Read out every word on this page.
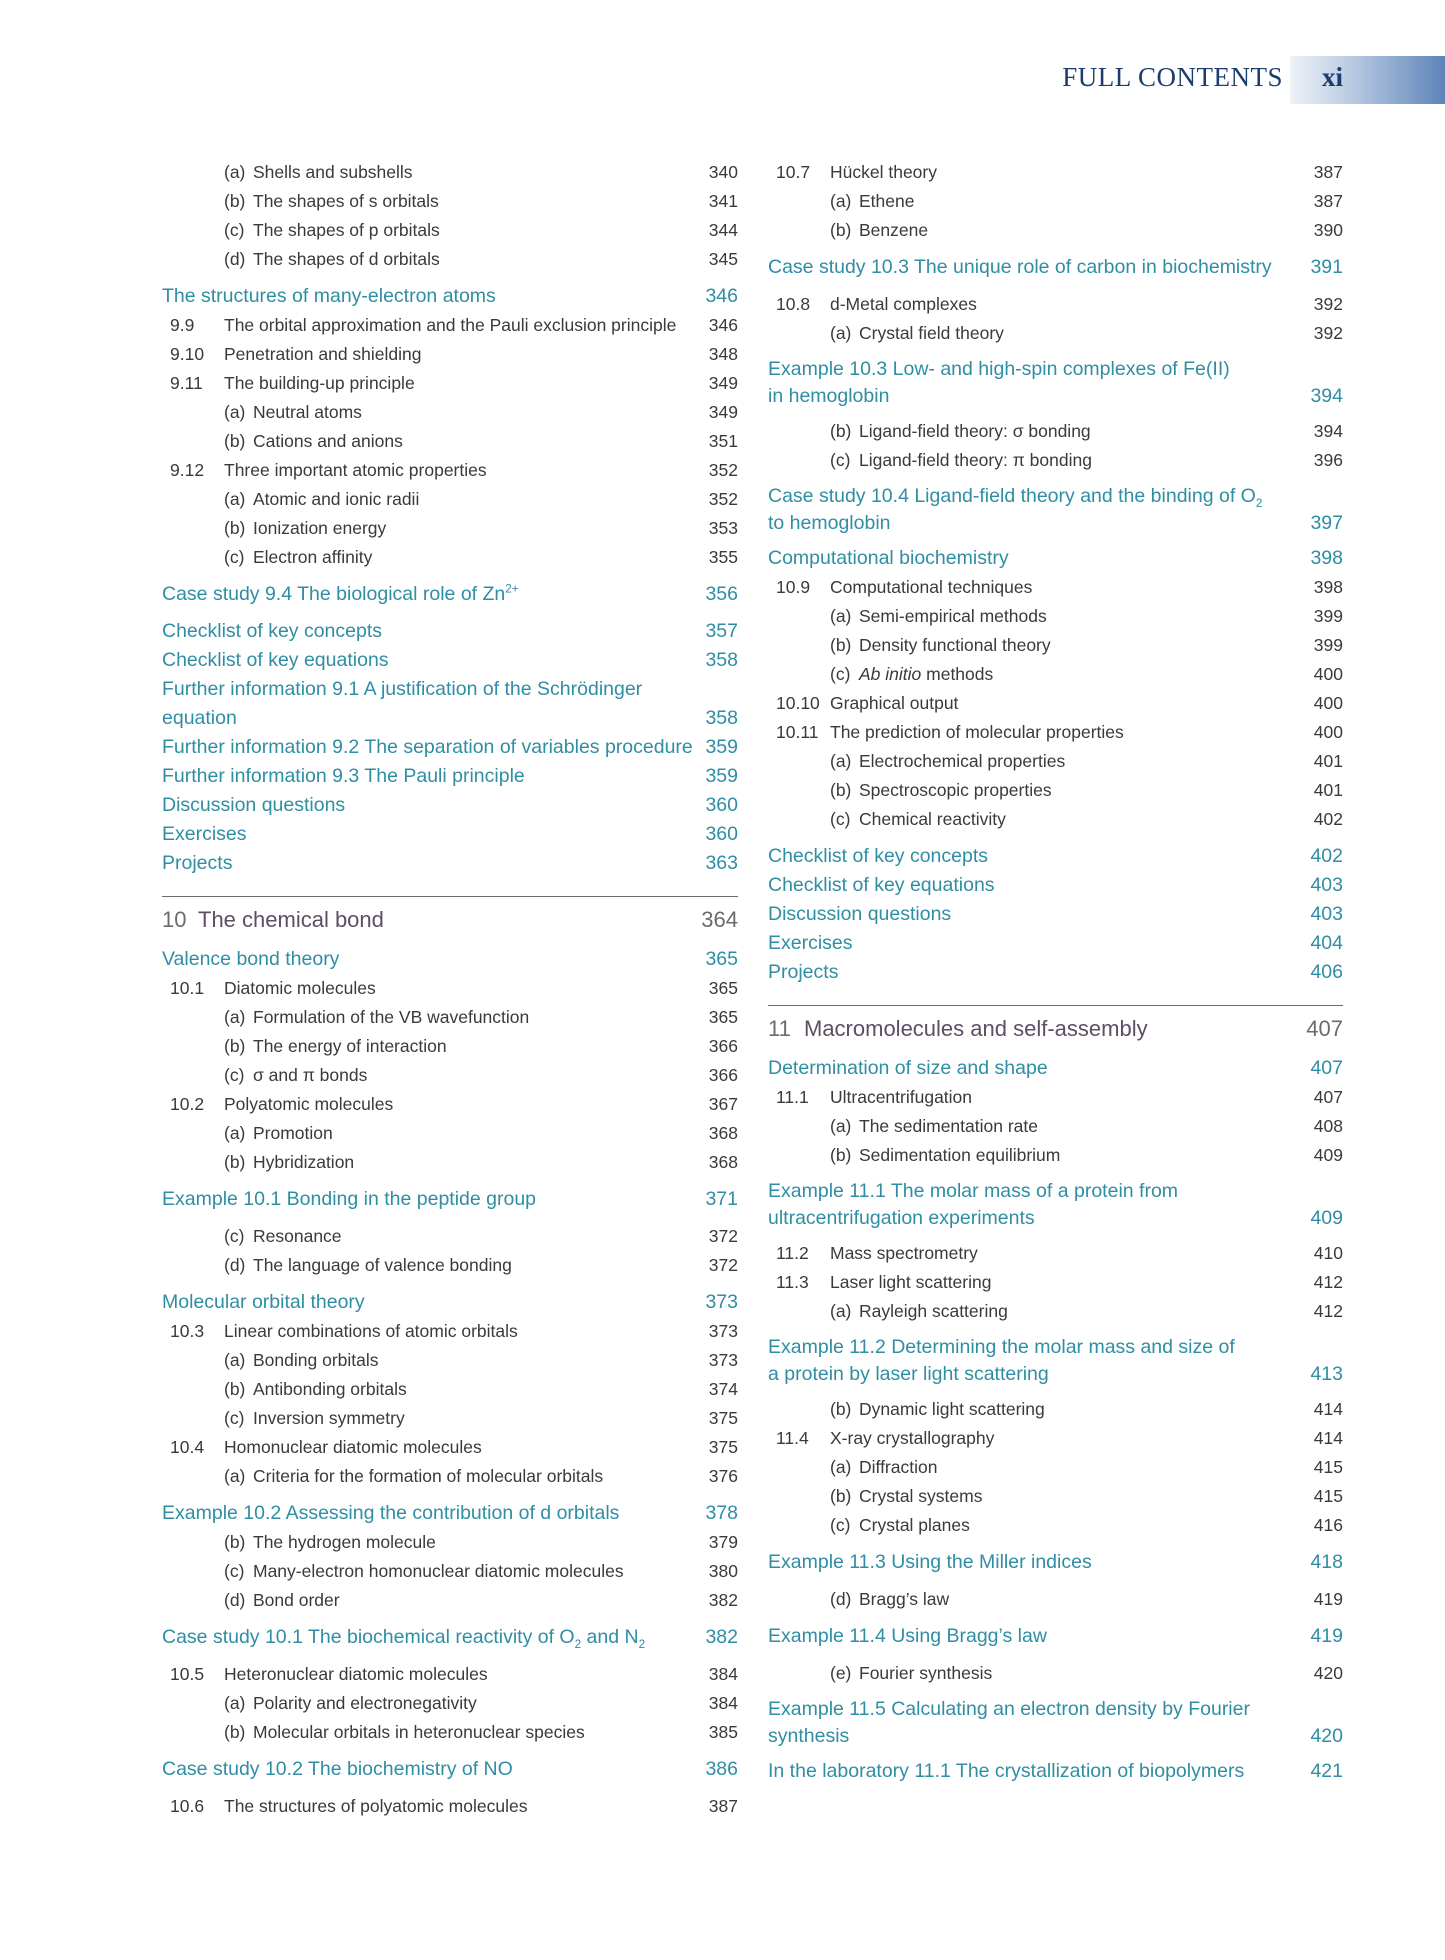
FULL CONTENTS xi
(a) Shells and subshells	340
(b) The shapes of s orbitals	341
(c) The shapes of p orbitals	344
(d) The shapes of d orbitals	345
The structures of many-electron atoms	346
9.9 The orbital approximation and the Pauli exclusion principle 346
9.10 Penetration and shielding	348
9.11 The building-up principle	349
(a) Neutral atoms	349
(b) Cations and anions	351
9.12 Three important atomic properties	352
(a) Atomic and ionic radii	352
(b) Ionization energy	353
(c) Electron affinity	355
Case study 9.4 The biological role of $Zn^{2+}$	356
Checklist of key concepts	357
Checklist of key equations	358
Further information 9.1 A justification of the Schrödinger
equation	358
Further information 9.2 The separation of variables procedure 359
Further information 9.3 The Pauli principle	359
Discussion questions	360
Exercises	360
Projects	363
10 The chemical bond	364
Valence bond theory	365
10.1 Diatomic molecules	365
(a) Formulation of the VB wavefunction	365
(b) The energy of interaction	366
(c) σ and π bonds	366
10.2 Polyatomic molecules	367
(a) Promotion	368
(b) Hybridization	368
Example 10.1 Bonding in the peptide group	371
(c) Resonance	372
(d) The language of valence bonding	372
Molecular orbital theory	373
10.3 Linear combinations of atomic orbitals	373
(a) Bonding orbitals	373
(b) Antibonding orbitals	374
(c) Inversion symmetry	375
10.4 Homonuclear diatomic molecules	375
(a) Criteria for the formation of molecular orbitals	376
Example 10.2 Assessing the contribution of d orbitals	378
(b) The hydrogen molecule	379
(c) Many-electron homonuclear diatomic molecules	380
(d) Bond order	382
Case study 10.1 The biochemical reactivity of $O_2$ and $N_2$	382
10.5 Heteronuclear diatomic molecules	384
(a) Polarity and electronegativity	384
(b) Molecular orbitals in heteronuclear species	385
Case study 10.2 The biochemistry of NO	386
10.6 The structures of polyatomic molecules	387
10.7 Hückel theory	387
(a) Ethene	387
(b) Benzene	390
Case study 10.3 The unique role of carbon in biochemistry 391
10.8 d-Metal complexes	392
(a) Crystal field theory	392
Example 10.3 Low- and high-spin complexes of Fe(II)
in hemoglobin	394
(b) Ligand-field theory: σ bonding	394
(c) Ligand-field theory: π bonding	396
Case study 10.4 Ligand-field theory and the binding of $O_2$
to hemoglobin	397
Computational biochemistry	398
10.9 Computational techniques	398
(a) Semi-empirical methods	399
(b) Density functional theory	399
(c) Ab initio methods	400
10.10 Graphical output	400
10.11 The prediction of molecular properties	400
(a) Electrochemical properties	401
(b) Spectroscopic properties	401
(c) Chemical reactivity	402
Checklist of key concepts	402
Checklist of key equations	403
Discussion questions	403
Exercises	404
Projects	406
11 Macromolecules and self-assembly	407
Determination of size and shape	407
11.1 Ultracentrifugation	407
(a) The sedimentation rate	408
(b) Sedimentation equilibrium	409
Example 11.1 The molar mass of a protein from
ultracentrifugation experiments	409
11.2 Mass spectrometry	410
11.3 Laser light scattering	412
(a) Rayleigh scattering	412
Example 11.2 Determining the molar mass and size of
a protein by laser light scattering	413
(b) Dynamic light scattering	414
11.4 X-ray crystallography	414
(a) Diffraction	415
(b) Crystal systems	415
(c) Crystal planes	416
Example 11.3 Using the Miller indices	418
(d) Bragg’s law	419
Example 11.4 Using Bragg’s law	419
(e) Fourier synthesis	420
Example 11.5 Calculating an electron density by Fourier
synthesis	420
In the laboratory 11.1 The crystallization of biopolymers	421
